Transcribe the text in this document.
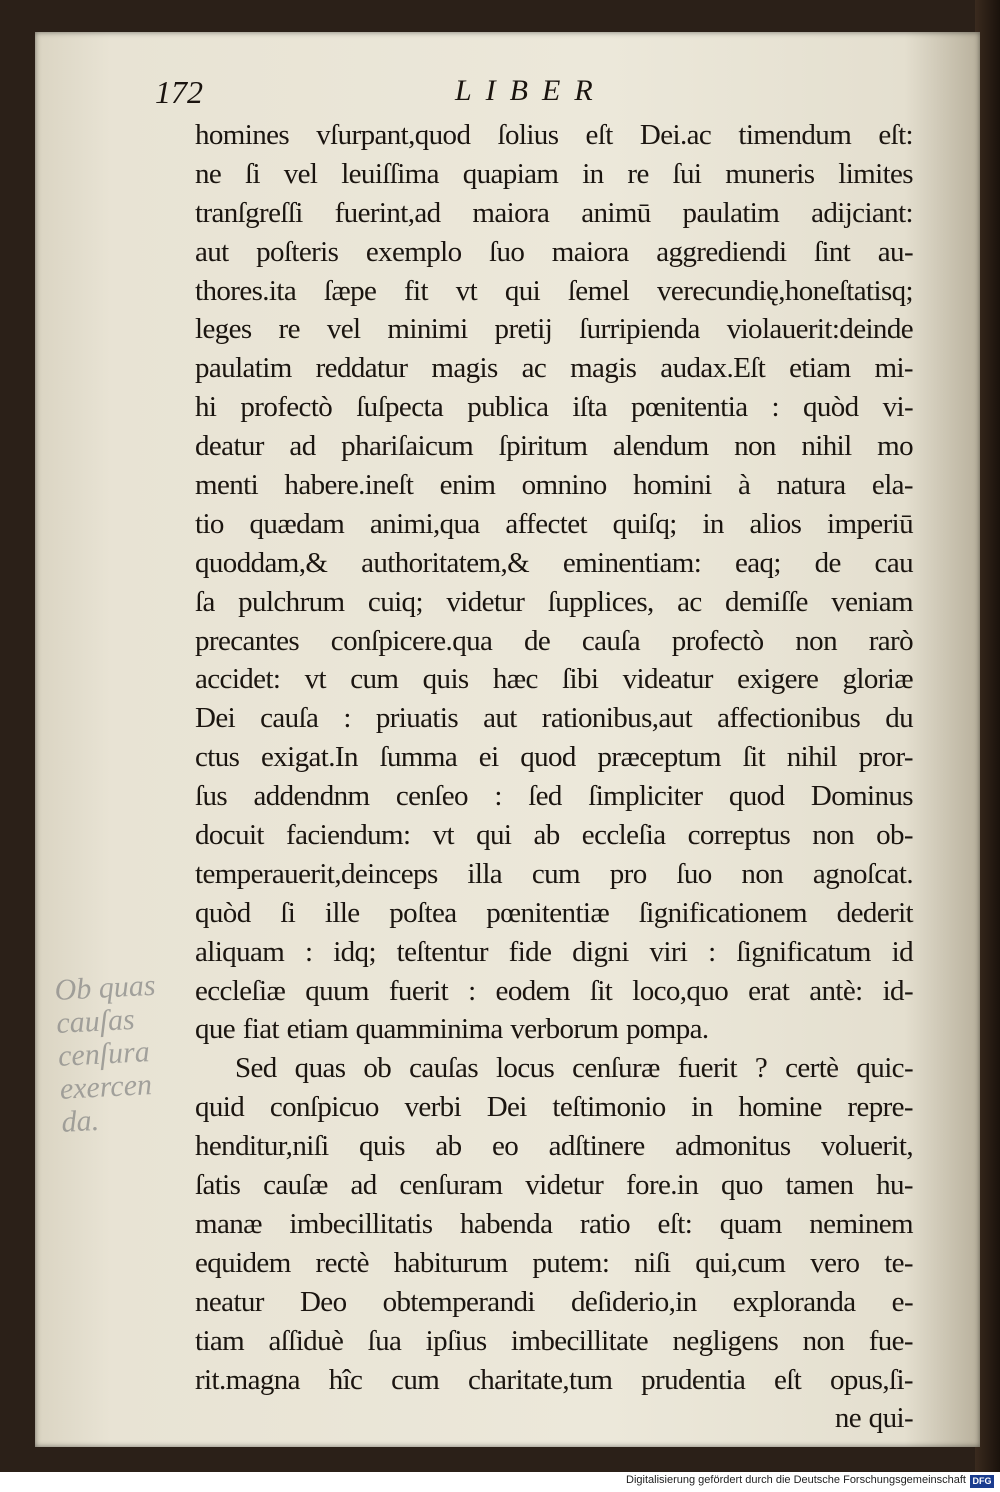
172	LIBER
homines vſurpant,quod ſolius eſt Dei.ac timendum eſt:
ne ſi vel leuiſſima quapiam in re ſui muneris limites
tranſgreſſi fuerint,ad maiora animū paulatim adijciant:
aut poſteris exemplo ſuo maiora aggrediendi ſint au-
thores.ita ſæpe fit vt qui ſemel verecundię,honeſtatisq;
leges re vel minimi pretij ſurripienda violauerit:deinde
paulatim reddatur magis ac magis audax.Eſt etiam mi-
hi profectò ſuſpecta publica iſta pœnitentia : quòd vi-
deatur ad phariſaicum ſpiritum alendum non nihil mo
menti habere.ineſt enim omnino homini à natura ela-
tio quædam animi,qua affectet quiſq; in alios imperiū
quoddam,& authoritatem,& eminentiam: eaq; de cau
ſa pulchrum cuiq; videtur ſupplices, ac demiſſe veniam
precantes conſpicere.qua de cauſa profectò non rarò
accidet: vt cum quis hæc ſibi videatur exigere gloriæ
Dei cauſa : priuatis aut rationibus,aut affectionibus du
ctus exigat.In ſumma ei quod præceptum ſit nihil pror-
ſus addendnm cenſeo : ſed ſimpliciter quod Dominus
docuit faciendum: vt qui ab eccleſia correptus non ob-
temperauerit,deinceps illa cum pro ſuo non agnoſcat.
quòd ſi ille poſtea pœnitentiæ ſignificationem dederit
aliquam : idq; teſtentur fide digni viri : ſignificatum id
eccleſiæ quum fuerit : eodem ſit loco,quo erat antè: id-
que fiat etiam quamminima verborum pompa.
Sed quas ob cauſas locus cenſuræ fuerit ? certè quic-
quid conſpicuo verbi Dei teſtimonio in homine repre-
henditur,niſi quis ab eo adſtinere admonitus voluerit,
ſatis cauſæ ad cenſuram videtur fore.in quo tamen hu-
manæ imbecillitatis habenda ratio eſt: quam neminem
equidem rectè habiturum putem: niſi qui,cum vero te-
neatur Deo obtemperandi deſiderio,in exploranda e-
tiam aſſiduè ſua ipſius imbecillitate negligens non fue-
rit.magna hîc cum charitate,tum prudentia eſt opus,ſi-
ne qui-
Ob quas
cauſas
cenſura
exercen
da.
Digitalisierung gefördert durch die Deutsche Forschungsgemeinschaft DFG
